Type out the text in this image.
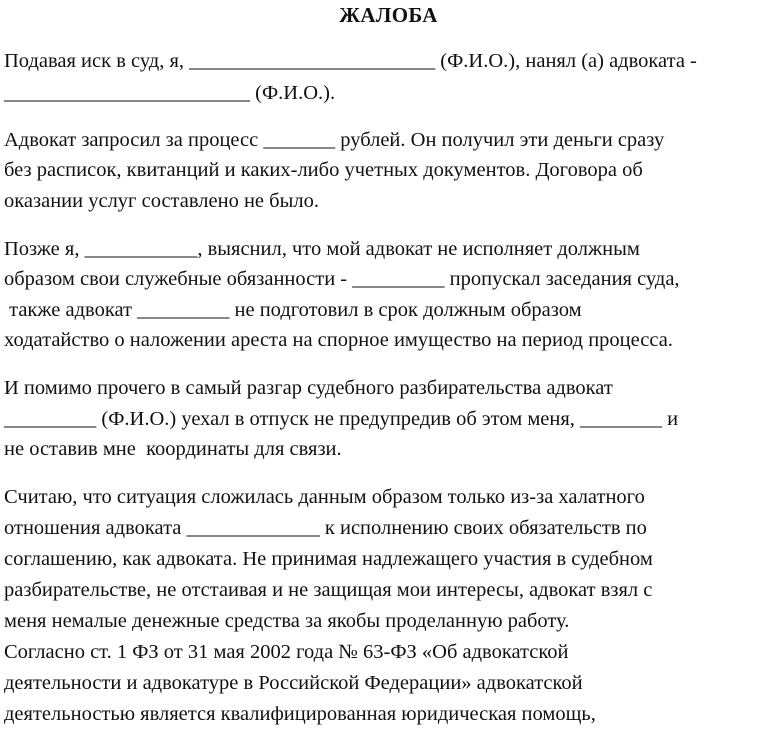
ЖАЛОБА
Подавая иск в суд, я, ________________________ (Ф.И.О.), нанял (а) адвоката -
________________________ (Ф.И.О.).
Адвокат запросил за процесс _______ рублей. Он получил эти деньги сразу
без расписок, квитанций и каких-либо учетных документов. Договора об
оказании услуг составлено не было.
Позже я, ___________, выяснил, что мой адвокат не исполняет должным
образом свои служебные обязанности - _________ пропускал заседания суда,
также адвокат _________ не подготовил в срок должным образом
ходатайство о наложении ареста на спорное имущество на период процесса.
И помимо прочего в самый разгар судебного разбирательства адвокат
_________ (Ф.И.О.) уехал в отпуск не предупредив об этом меня, ________ и
не оставив мне  координаты для связи.
Считаю, что ситуация сложилась данным образом только из-за халатного
отношения адвоката _____________ к исполнению своих обязательств по
соглашению, как адвоката. Не принимая надлежащего участия в судебном
разбирательстве, не отстаивая и не защищая мои интересы, адвокат взял с
меня немалые денежные средства за якобы проделанную работу.
Согласно ст. 1 ФЗ от 31 мая 2002 года № 63-ФЗ «Об адвокатской
деятельности и адвокатуре в Российской Федерации» адвокатской
деятельностью является квалифицированная юридическая помощь,
